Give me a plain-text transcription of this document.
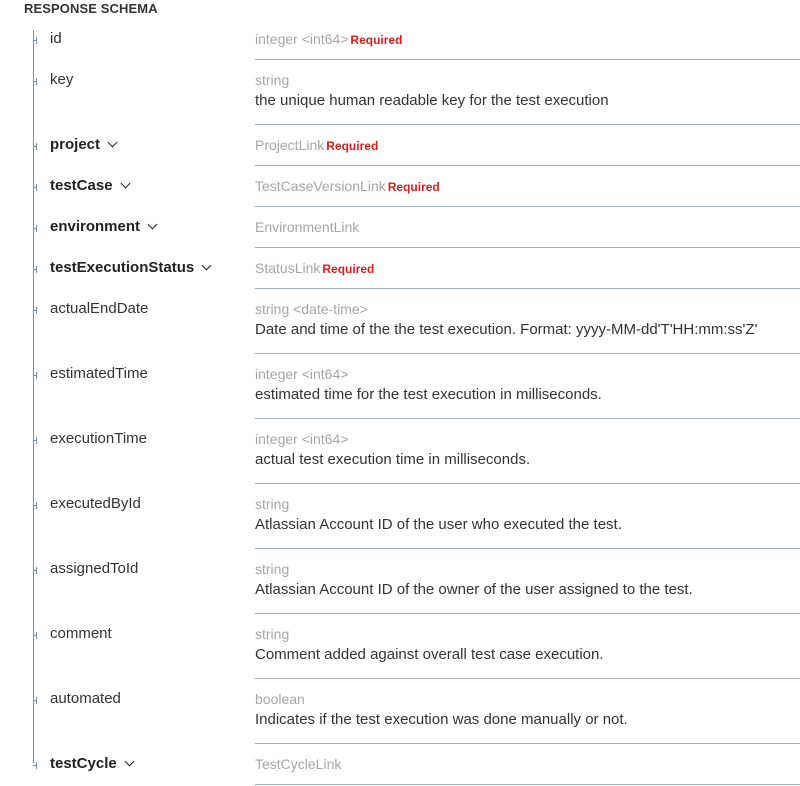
RESPONSE SCHEMA
id	integer <int64> Required
key	string
the unique human readable key for the test execution
project	ProjectLink Required
testCase	TestCaseVersionLink Required
environment	EnvironmentLink
testExecutionStatus	StatusLink Required
actualEndDate	string <date-time>
Date and time of the the test execution. Format: yyyy-MM-dd'T'HH:mm:ss'Z'
estimatedTime	integer <int64>
estimated time for the test execution in milliseconds.
executionTime	integer <int64>
actual test execution time in milliseconds.
executedById	string
Atlassian Account ID of the user who executed the test.
assignedToId	string
Atlassian Account ID of the owner of the user assigned to the test.
comment	string
Comment added against overall test case execution.
automated	boolean
Indicates if the test execution was done manually or not.
testCycle	TestCycleLink
